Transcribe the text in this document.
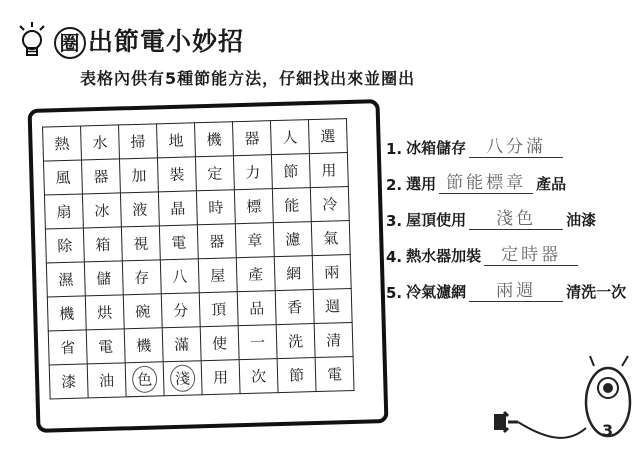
圈 出節電小妙招
表格內供有5種節能方法，仔細找出來並圈出
熱	水	掃	地	機	器	人	選
風	器	加	裝	定	力	節	用
扇	冰	液	晶	時	標	能	冷
除	箱	視	電	器	章	濾	氣
濕	儲	存	八	屋	產	網	兩
機	烘	碗	分	頂	品	香	週
省	電	機	滿	使	一	洗	清
漆	油	色	淺	用	次	節	電
1. 冰箱儲存	八分滿
2. 選用 節能標章 產品
3. 屋頂使用	淺色	油漆
4. 熱水器加裝	定時器
5. 冷氣濾網	兩週	清洗一次
3
